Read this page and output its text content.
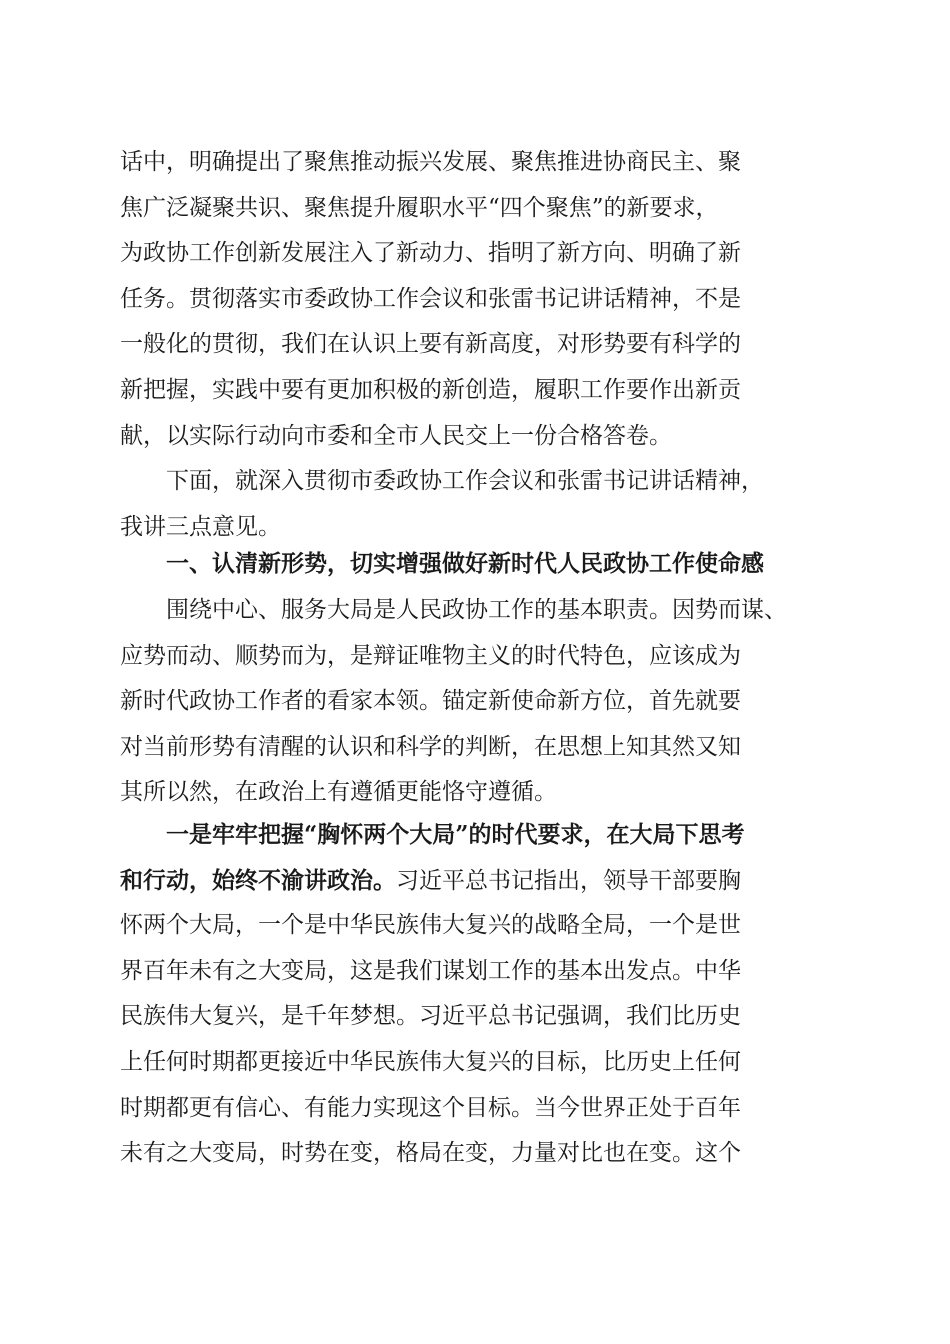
话中，明确提出了聚焦推动振兴发展、聚焦推进协商民主、聚
焦广泛凝聚共识、聚焦提升履职水平“四个聚焦”的新要求，
为政协工作创新发展注入了新动力、指明了新方向、明确了新
任务。贯彻落实市委政协工作会议和张雷书记讲话精神，不是
一般化的贯彻，我们在认识上要有新高度，对形势要有科学的
新把握，实践中要有更加积极的新创造，履职工作要作出新贡
献，以实际行动向市委和全市人民交上一份合格答卷。
下面，就深入贯彻市委政协工作会议和张雷书记讲话精神，
我讲三点意见。
一、认清新形势，切实增强做好新时代人民政协工作使命感
围绕中心、服务大局是人民政协工作的基本职责。因势而谋、
应势而动、顺势而为，是辩证唯物主义的时代特色，应该成为
新时代政协工作者的看家本领。锚定新使命新方位，首先就要
对当前形势有清醒的认识和科学的判断，在思想上知其然又知
其所以然，在政治上有遵循更能恪守遵循。
一是牢牢把握“胸怀两个大局”的时代要求，在大局下思考
和行动，始终不渝讲政治。习近平总书记指出，领导干部要胸
怀两个大局，一个是中华民族伟大复兴的战略全局，一个是世
界百年未有之大变局，这是我们谋划工作的基本出发点。中华
民族伟大复兴，是千年梦想。习近平总书记强调，我们比历史
上任何时期都更接近中华民族伟大复兴的目标，比历史上任何
时期都更有信心、有能力实现这个目标。当今世界正处于百年
未有之大变局，时势在变，格局在变，力量对比也在变。这个
